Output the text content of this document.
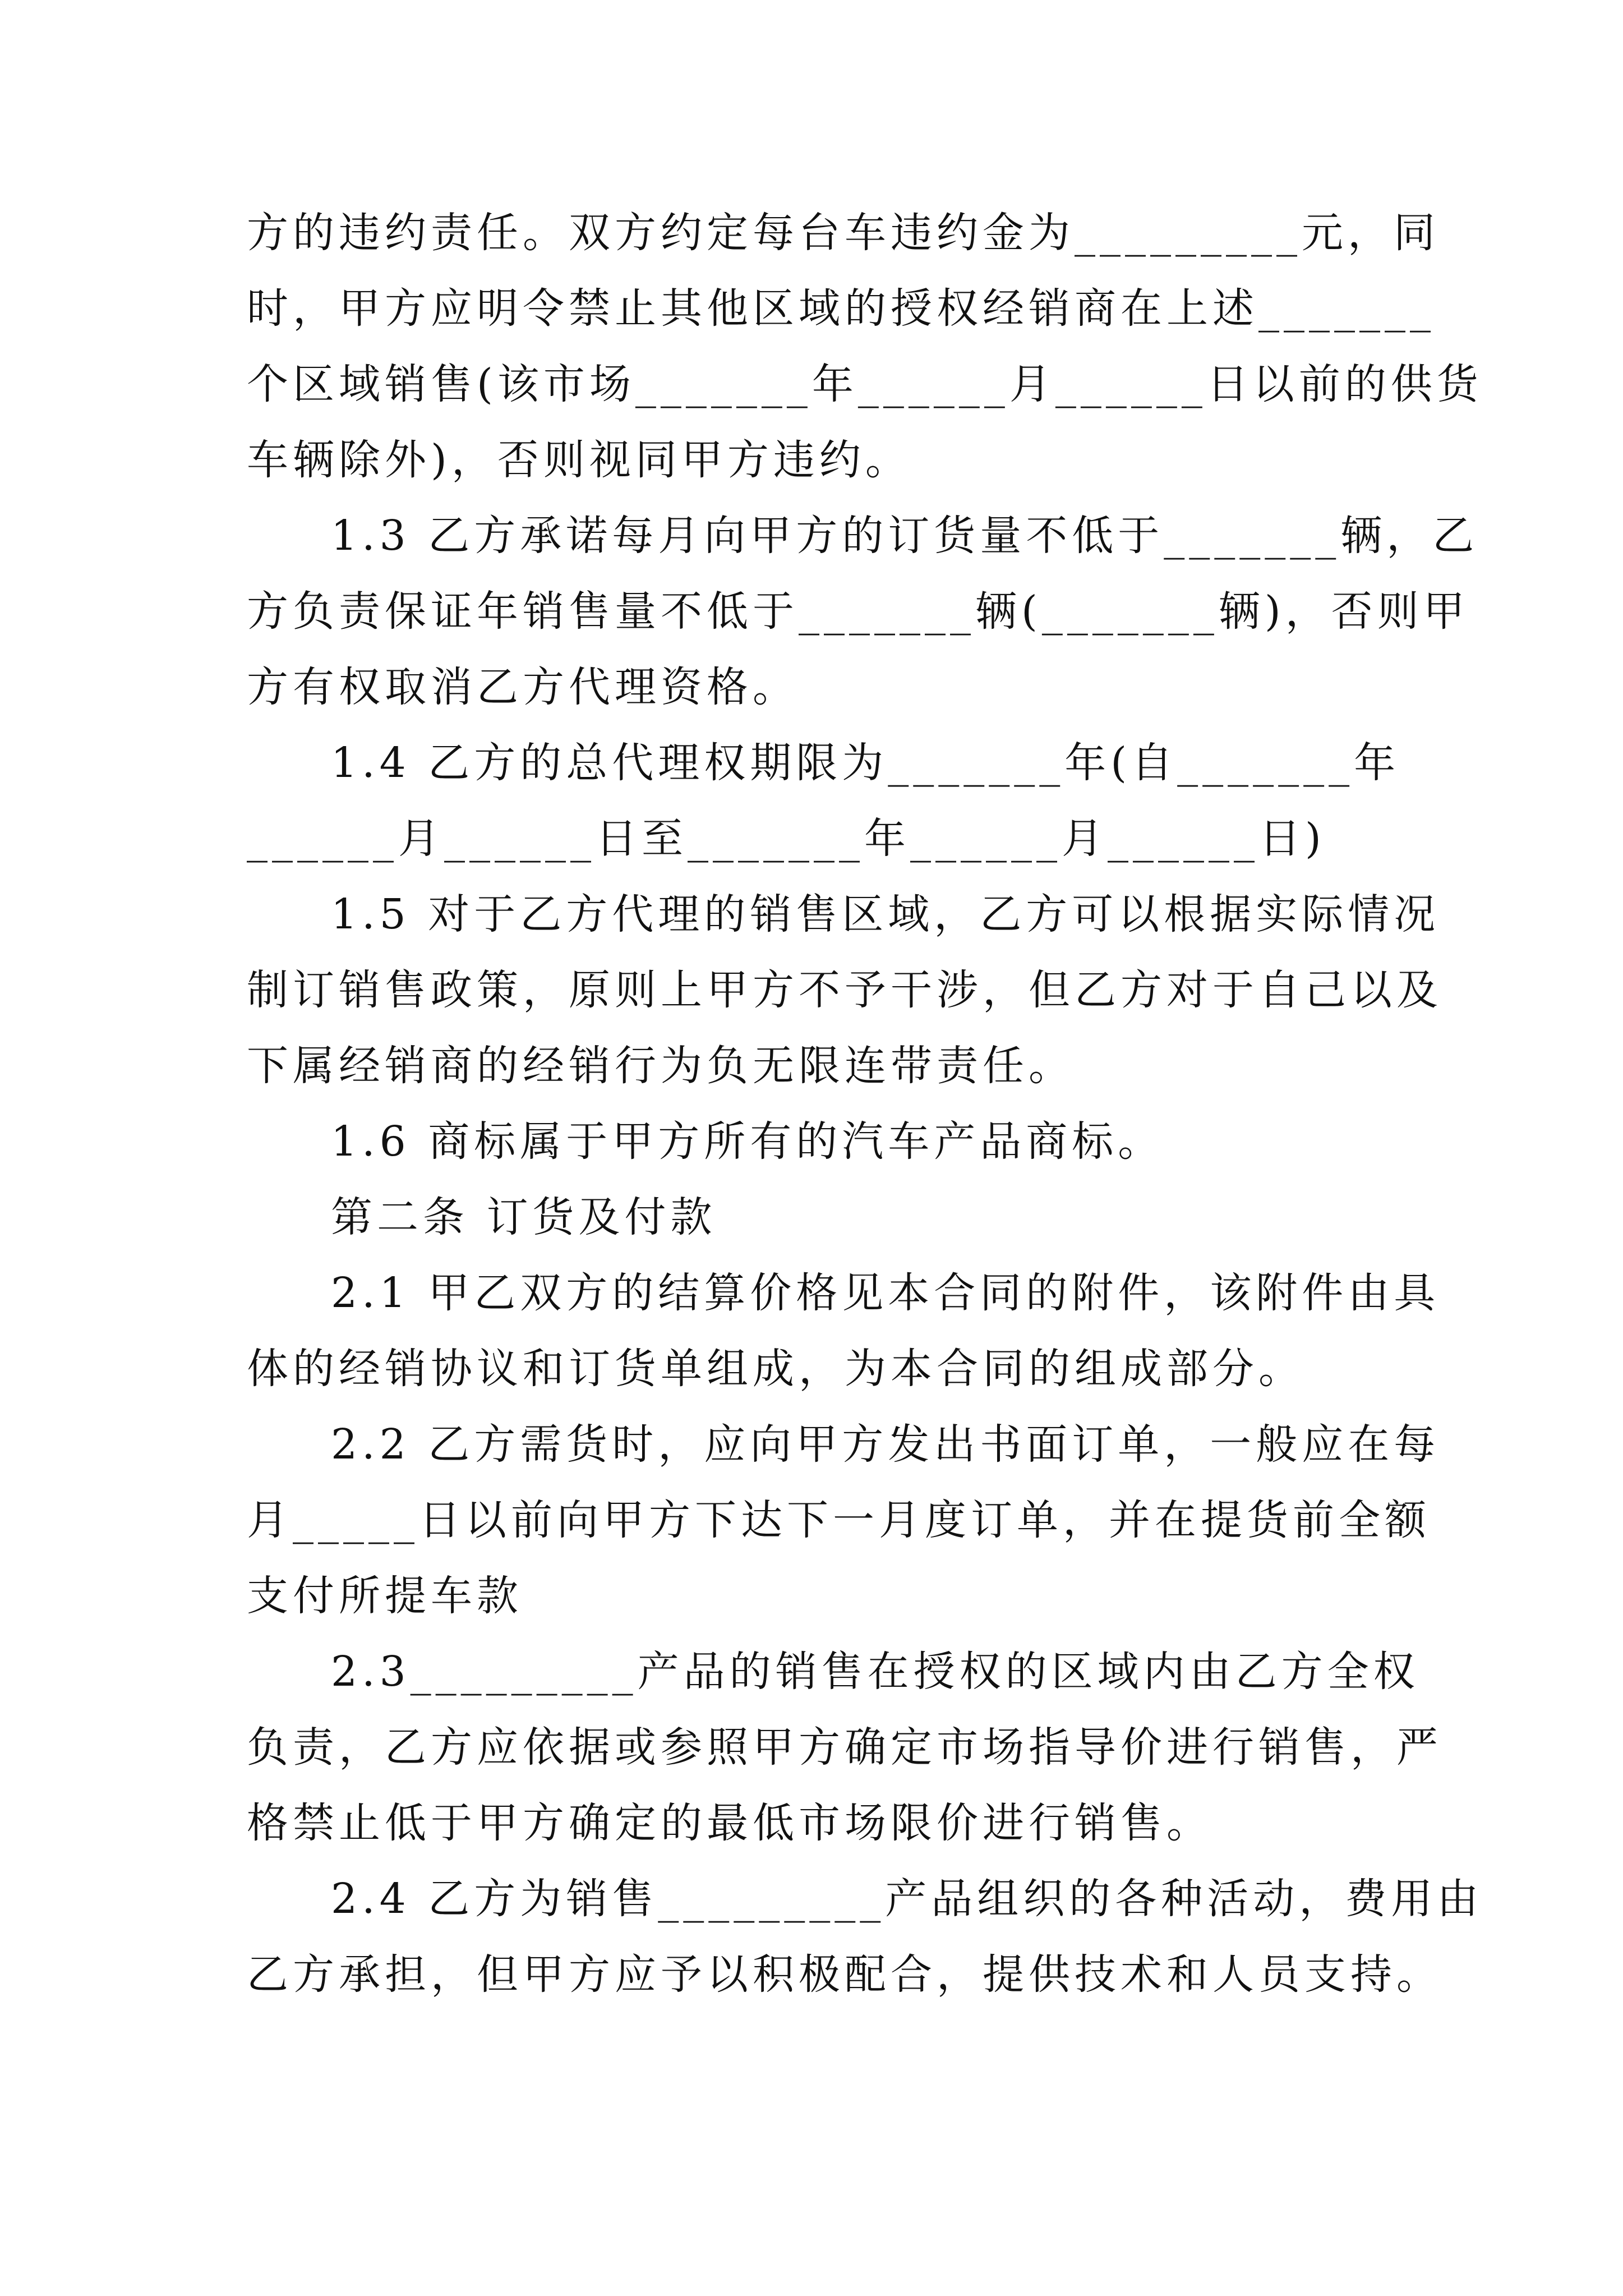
方的违约责任。双方约定每台车违约金为_________元，同
时，甲方应明令禁止其他区域的授权经销商在上述_______
个区域销售(该市场_______年______月______日以前的供货
车辆除外)，否则视同甲方违约。
1.3 乙方承诺每月向甲方的订货量不低于_______辆，乙
方负责保证年销售量不低于_______辆(_______辆)，否则甲
方有权取消乙方代理资格。
1.4 乙方的总代理权期限为_______年(自_______年
______月______日至_______年______月______日)
1.5 对于乙方代理的销售区域，乙方可以根据实际情况
制订销售政策，原则上甲方不予干涉，但乙方对于自己以及
下属经销商的经销行为负无限连带责任。
1.6 商标属于甲方所有的汽车产品商标。
第二条 订货及付款
2.1 甲乙双方的结算价格见本合同的附件，该附件由具
体的经销协议和订货单组成，为本合同的组成部分。
2.2 乙方需货时，应向甲方发出书面订单，一般应在每
月_____日以前向甲方下达下一月度订单，并在提货前全额
支付所提车款
2.3_________产品的销售在授权的区域内由乙方全权
负责，乙方应依据或参照甲方确定市场指导价进行销售，严
格禁止低于甲方确定的最低市场限价进行销售。
2.4 乙方为销售_________产品组织的各种活动，费用由
乙方承担，但甲方应予以积极配合，提供技术和人员支持。
